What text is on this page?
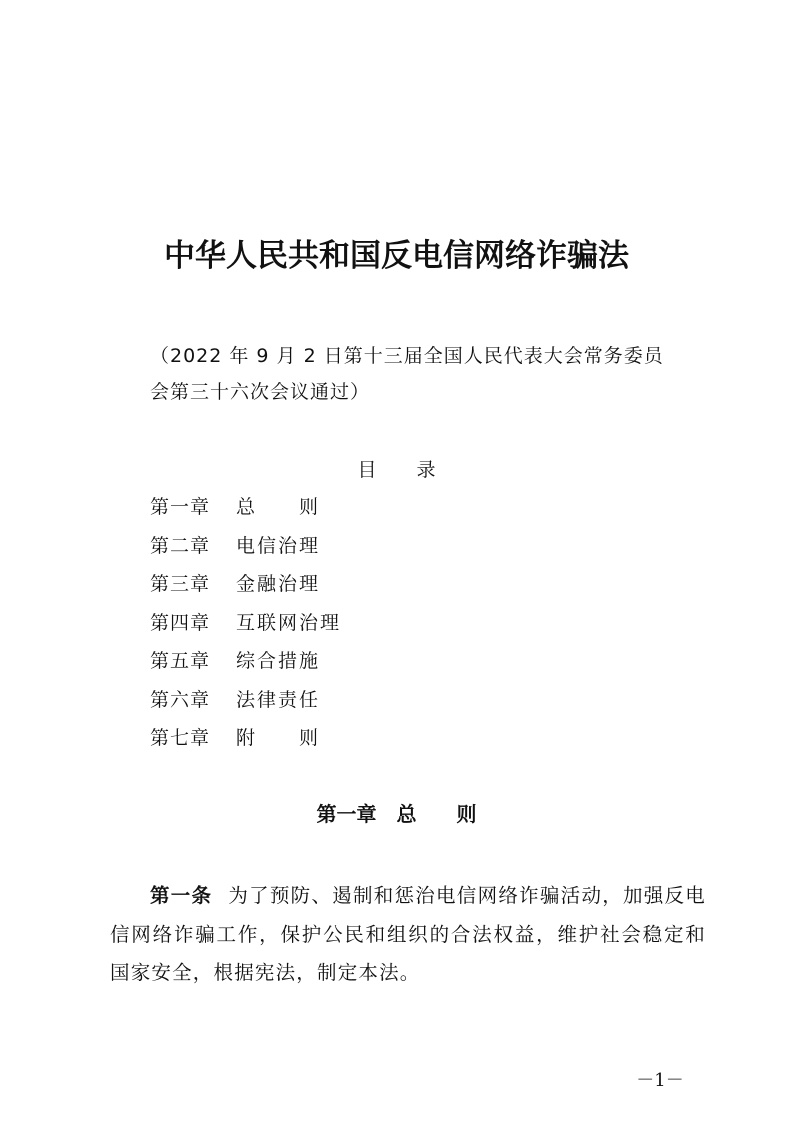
中华人民共和国反电信网络诈骗法
（2022 年 9 月 2 日第十三届全国人民代表大会常务委员会第三十六次会议通过）
目 录
第一章	总　　则
第二章	电信治理
第三章	金融治理
第四章	互联网治理
第五章	综合措施
第六章	法律责任
第七章	附　　则
第一章　总　　则

第一条 为了预防、遏制和惩治电信网络诈骗活动，加强反电信网络诈骗工作，保护公民和组织的合法权益，维护社会稳定和国家安全，根据宪法，制定本法。

－1－
